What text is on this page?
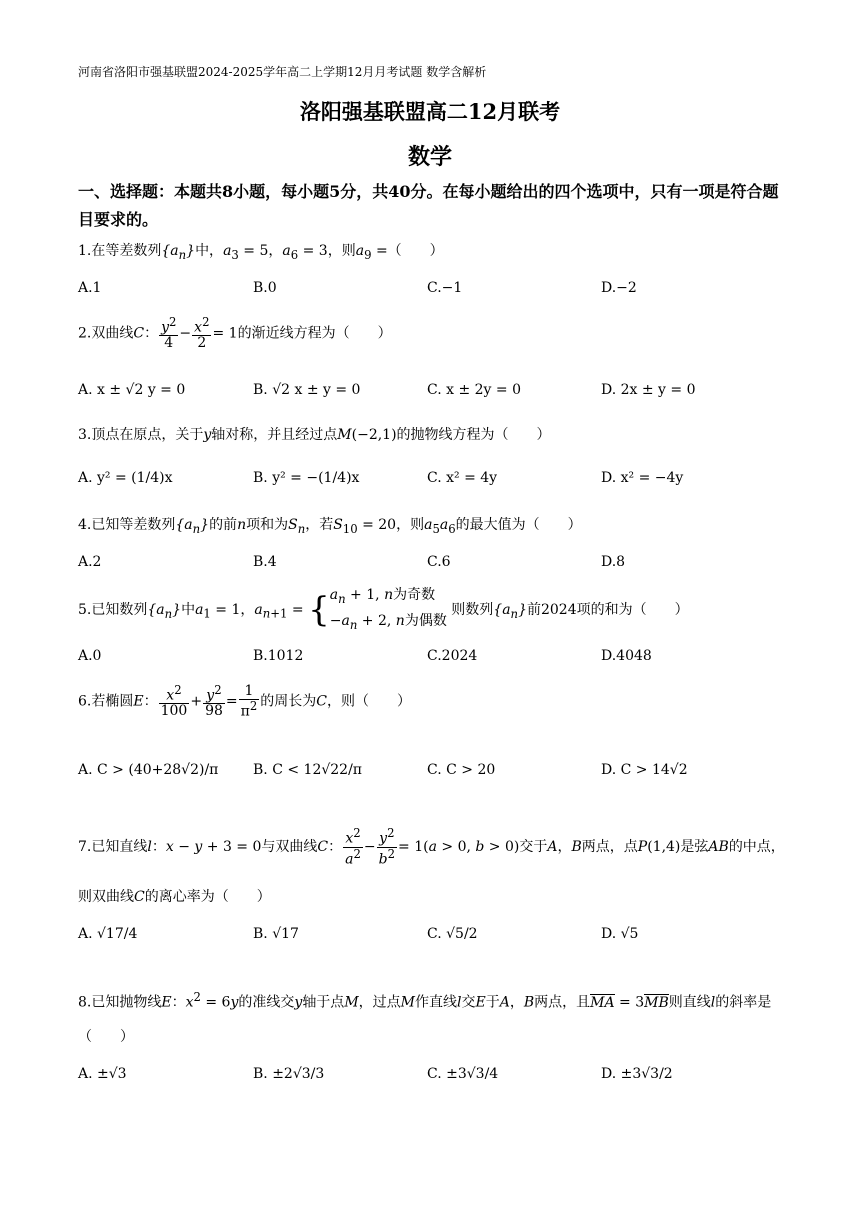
河南省洛阳市强基联盟2024-2025学年高二上学期12月月考试题 数学含解析
洛阳强基联盟高二12月联考
数学
一、选择题：本题共8小题，每小题5分，共40分。在每小题给出的四个选项中，只有一项是符合题目要求的。
1.在等差数列$\{a_n\}$中，$a_3 = 5$，$a_6 = 3$，则$a_9$ =（　　）
A.1	B.0	C.−1	D.−2
2.双曲线C： $\frac{y^2}{4} - \frac{x^2}{2} = 1$的渐近线方程为（　　）
A. x ± √2 y = 0	B. √2 x ± y = 0	C. x ± 2y = 0	D. 2x ± y = 0
3.顶点在原点，关于y轴对称，并且经过点M(−2,1)的抛物线方程为（　　）
A. y² = (1/4)x	B. y² = −(1/4)x	C. x² = 4y	D. x² = −4y
4.已知等差数列$\{a_n\}$的前n项和为$S_n$，若$S_{10} = 20$，则$a_5a_6$的最大值为（　　）
A.2	B.4	C.6	D.8
5.已知数列$\{a_n\}$中$a_1 = 1$，$a_{n+1}$ = { $a_n + 1$, n为奇数
$-a_n + 2$, n为偶数
则数列$\{a_n\}$前2024项的和为（　　）
A.0	B.1012	C.2024	D.4048
6.若椭圆E： $\frac{x^2}{100} + \frac{y^2}{98} = \frac{1}{\pi^2}$ 的周长为C，则（　　）
A. C > (40+28√2)/π B. C < 12√22/π	C. C > 20	D. C > 14√2
7.已知直线l：x − y + 3 = 0与双曲线C： $\frac{x^2}{a^2} - \frac{y^2}{b^2} = 1(a > 0$, b > 0)交于A，B两点，点P(1,4)是弦AB的中点，则双曲线C的离心率为（　　）
A. √17/4	B. √17	C. √5/2	D. √5
8.已知抛物线E：$x^2 = 6y$的准线交y轴于点M，过点M作直线l交E于A，B两点，且MA = 3MB则直线l的斜率是（　　）
A. ±√3	B. ±2√3/3	C. ±3√3/4	D. ±3√3/2
